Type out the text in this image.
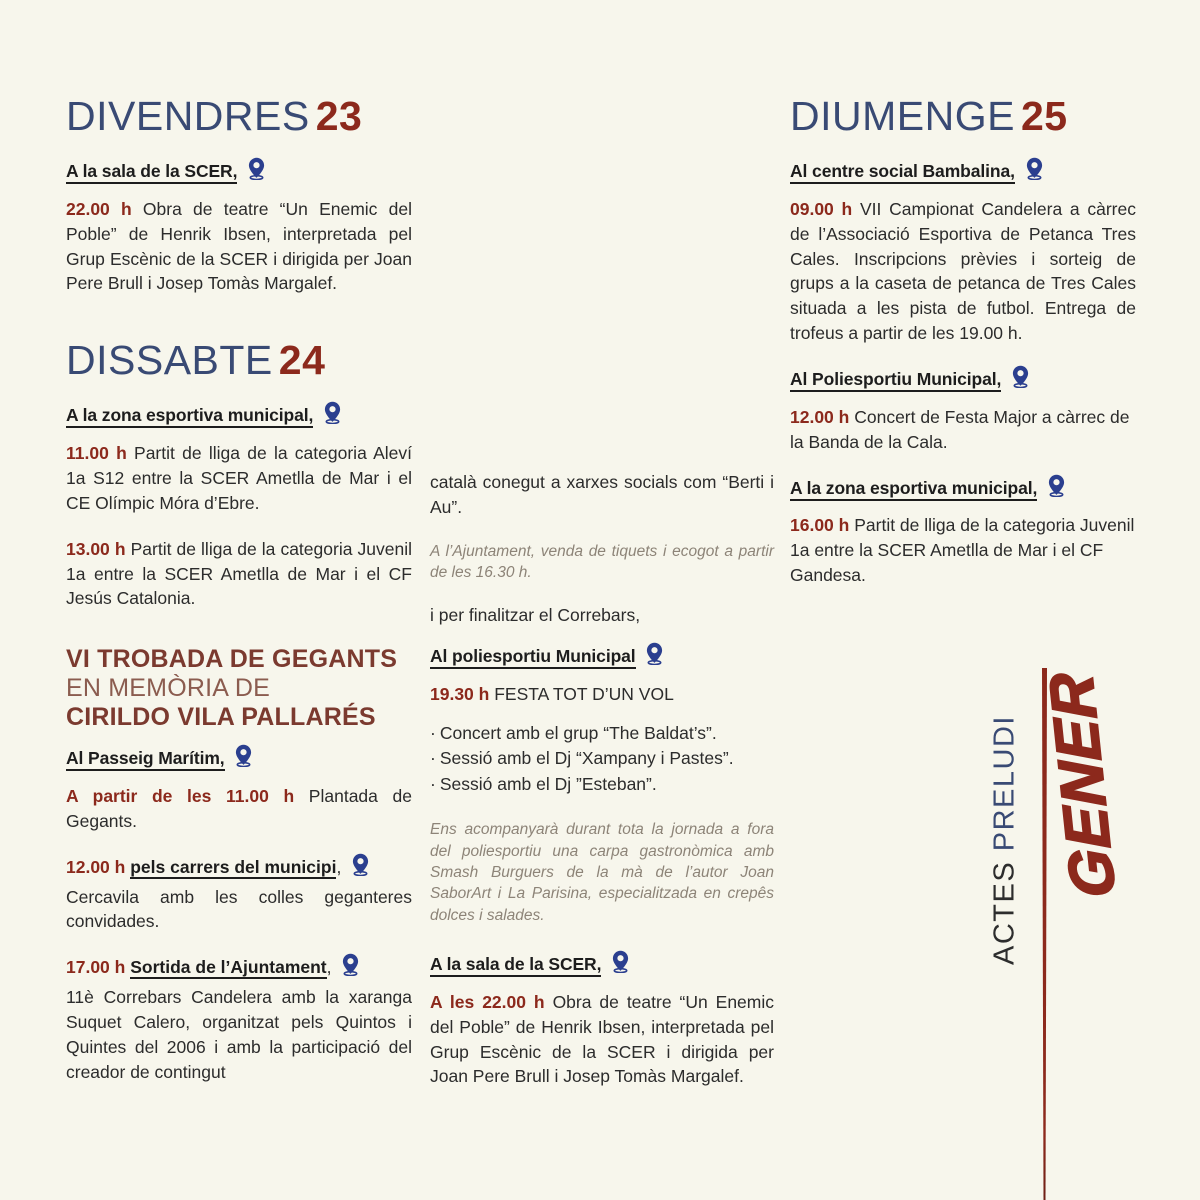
DIVENDRES 23

A la sala de la SCER,

22.00 h Obra de teatre “Un Enemic del Poble” de Henrik Ibsen, interpretada pel Grup Escènic de la SCER i dirigida per Joan Pere Brull i Josep Tomàs Margalef.

DISSABTE 24

A la zona esportiva municipal,

11.00 h Partit de lliga de la categoria Aleví 1a S12 entre la SCER Ametlla de Mar i el CE Olímpic Móra d’Ebre.

13.00 h Partit de lliga de la categoria Juvenil 1a entre la SCER Ametlla de Mar i el CF Jesús Catalonia.

VI TROBADA DE GEGANTS
EN MEMÒRIA DE
CIRILDO VILA PALLARÉS

Al Passeig Marítim,

A partir de les 11.00 h Plantada de Gegants.

12.00 h pels carrers del municipi,
Cercavila amb les colles geganteres convidades.

17.00 h Sortida de l’Ajuntament,

11è Correbars Candelera amb la xaranga Suquet Calero, organitzat pels Quintos i Quintes del 2006 i amb la participació del creador de contingut

català conegut a xarxes socials com “Berti i Au”.

A l’Ajuntament, venda de tiquets i ecogot a partir de les 16.30 h.

i per finalitzar el Correbars,

Al poliesportiu Municipal

19.30 h FESTA TOT D’UN VOL

· Concert amb el grup “The Baldat’s”.
· Sessió amb el Dj “Xampany i Pastes”.
· Sessió amb el Dj ”Esteban”.

Ens acompanyarà durant tota la jornada a fora del poliesportiu una carpa gastronòmica amb Smash Burguers de la mà de l’autor Joan SaborArt i La Parisina, especialitzada en crepês dolces i salades.

A la sala de la SCER,

A les 22.00 h Obra de teatre “Un Enemic del Poble” de Henrik Ibsen, interpretada pel Grup Escènic de la SCER i dirigida per Joan Pere Brull i Josep Tomàs Margalef.

DIUMENGE 25

Al centre social Bambalina,

09.00 h VII Campionat Candelera a càrrec de l’Associació Esportiva de Petanca Tres Cales. Inscripcions prèvies i sorteig de grups a la caseta de petanca de Tres Cales situada a les pista de futbol. Entrega de trofeus a partir de les 19.00 h.

Al Poliesportiu Municipal,

12.00 h Concert de Festa Major a càrrec de la Banda de la Cala.

A la zona esportiva municipal,

16.00 h Partit de lliga de la categoria Juvenil 1a entre la SCER Ametlla de Mar i el CF Gandesa.

ACTES PRELUDI GENER
